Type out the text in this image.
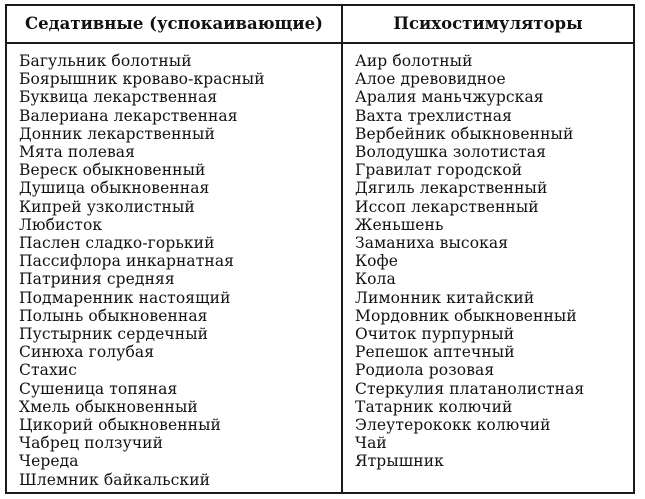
Седативные (успокаивающие)	Психостимуляторы
Багульник болотный
Боярышник кроваво-красный
Буквица лекарственная
Валериана лекарственная
Донник лекарственный
Мята полевая
Вереск обыкновенный
Душица обыкновенная
Кипрей узколистный
Любисток
Паслен сладко-горький
Пассифлора инкарнатная
Патриния средняя
Подмаренник настоящий
Полынь обыкновенная
Пустырник сердечный
Синюха голубая
Стахис
Сушеница топяная
Хмель обыкновенный
Цикорий обыкновенный
Чабрец ползучий
Череда
Шлемник байкальский
Аир болотный
Алое древовидное
Аралия маньчжурская
Вахта трехлистная
Вербейник обыкновенный
Володушка золотистая
Гравилат городской
Дягиль лекарственный
Иссоп лекарственный
Женьшень
Заманиха высокая
Кофе
Кола
Лимонник китайский
Мордовник обыкновенный
Очиток пурпурный
Репешок аптечный
Родиола розовая
Стеркулия платанолистная
Татарник колючий
Элеутерококк колючий
Чай
Ятрышник
